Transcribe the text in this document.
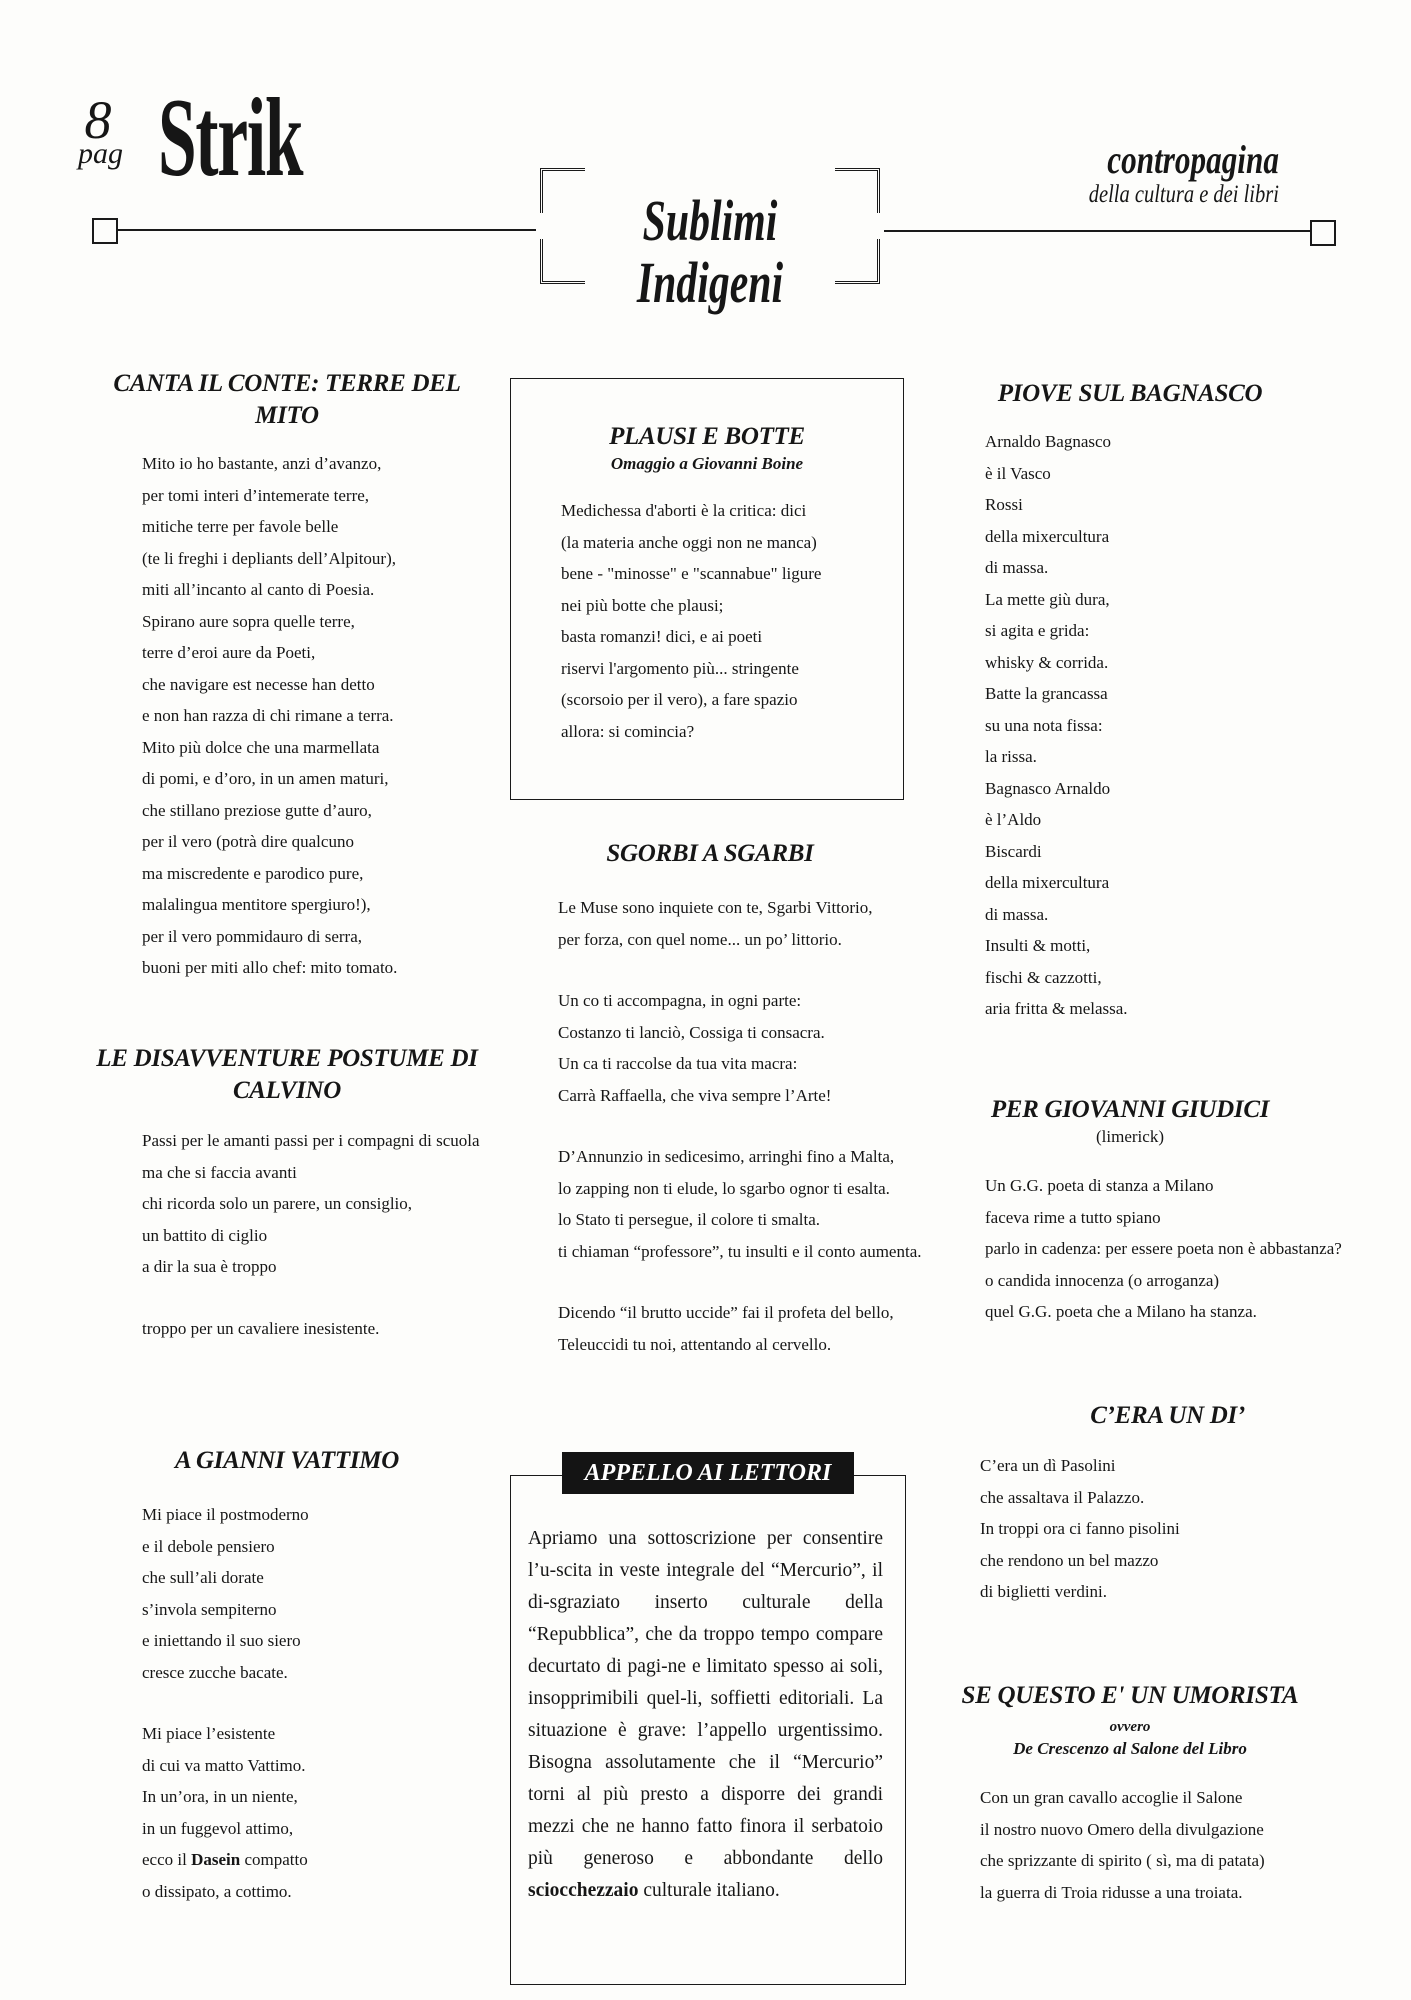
8
pag Strik
Sublimi Indigeni
contropagina
della cultura e dei libri
CANTA IL CONTE: TERRE DEL MITO
Mito io ho bastante, anzi d’avanzo,
per tomi interi d’intemerate terre,
mitiche terre per favole belle
(te li freghi i depliants dell’Alpitour),
miti all’incanto al canto di Poesia.
Spirano aure sopra quelle terre,
terre d’eroi aure da Poeti,
che navigare est necesse han detto
e non han razza di chi rimane a terra.
Mito più dolce che una marmellata
di pomi, e d’oro, in un amen maturi,
che stillano preziose gutte d’auro,
per il vero (potrà dire qualcuno
ma miscredente e parodico pure,
malalingua mentitore spergiuro!),
per il vero pommidauro di serra,
buoni per miti allo chef: mito tomato.
LE DISAVVENTURE POSTUME DI
CALVINO
Passi per le amanti passi per i compagni di scuola
ma che si faccia avanti
chi ricorda solo un parere, un consiglio,
un battito di ciglio
a dir la sua è troppo
troppo per un cavaliere inesistente.
A GIANNI VATTIMO
Mi piace il postmoderno
e il debole pensiero
che sull’ali dorate
s’invola sempiterno
e iniettando il suo siero
cresce zucche bacate.
Mi piace l’esistente
di cui va matto Vattimo.
In un’ora, in un niente,
in un fuggevol attimo,
ecco il Dasein compatto
o dissipato, a cottimo.
PLAUSI E BOTTE
Omaggio a Giovanni Boine
Medichessa d'aborti è la critica: dici
(la materia anche oggi non ne manca)
bene - "minosse" e "scannabue" ligure
nei più botte che plausi;
basta romanzi! dici, e ai poeti
riservi l'argomento più... stringente
(scorsoio per il vero), a fare spazio
allora: si comincia?
SGORBI A SGARBI
Le Muse sono inquiete con te, Sgarbi Vittorio,
per forza, con quel nome... un po’ littorio.
Un co ti accompagna, in ogni parte:
Costanzo ti lanciò, Cossiga ti consacra.
Un ca ti raccolse da tua vita macra:
Carrà Raffaella, che viva sempre l’Arte!
D’Annunzio in sedicesimo, arringhi fino a Malta,
lo zapping non ti elude, lo sgarbo ognor ti esalta.
lo Stato ti persegue, il colore ti smalta.
ti chiaman “professore”, tu insulti e il conto aumenta.
Dicendo “il brutto uccide” fai il profeta del bello,
Teleuccidi tu noi, attentando al cervello.
APPELLO AI LETTORI
Apriamo una sottoscrizione per consentire l’u-scita in veste integrale del “Mercurio”, il di-sgraziato inserto culturale della “Repubblica”, che da troppo tempo compare decurtato di pagi-ne e limitato spesso ai soli, insopprimibili quel-li, soffietti editoriali. La situazione è grave: l’appello urgentissimo. Bisogna assolutamente che il “Mercurio” torni al più presto a disporre dei grandi mezzi che ne hanno fatto finora il serbatoio più generoso e abbondante dello sciocchezzaio culturale italiano.
PIOVE SUL BAGNASCO
Arnaldo Bagnasco
è il Vasco
Rossi
della mixercultura
di massa.
La mette giù dura,
si agita e grida:
whisky & corrida.
Batte la grancassa
su una nota fissa:
la rissa.
Bagnasco Arnaldo
è l’Aldo
Biscardi
della mixercultura
di massa.
Insulti & motti,
fischi & cazzotti,
aria fritta & melassa.
PER GIOVANNI GIUDICI
(limerick)
Un G.G. poeta di stanza a Milano
faceva rime a tutto spiano
parlo in cadenza: per essere poeta non è abbastanza?
o candida innocenza (o arroganza)
quel G.G. poeta che a Milano ha stanza.
C’ERA UN DI’
C’era un dì Pasolini
che assaltava il Palazzo.
In troppi ora ci fanno pisolini
che rendono un bel mazzo
di biglietti verdini.
SE QUESTO E' UN UMORISTA
ovvero
De Crescenzo al Salone del Libro
Con un gran cavallo accoglie il Salone
il nostro nuovo Omero della divulgazione
che sprizzante di spirito ( sì, ma di patata)
la guerra di Troia ridusse a una troiata.
